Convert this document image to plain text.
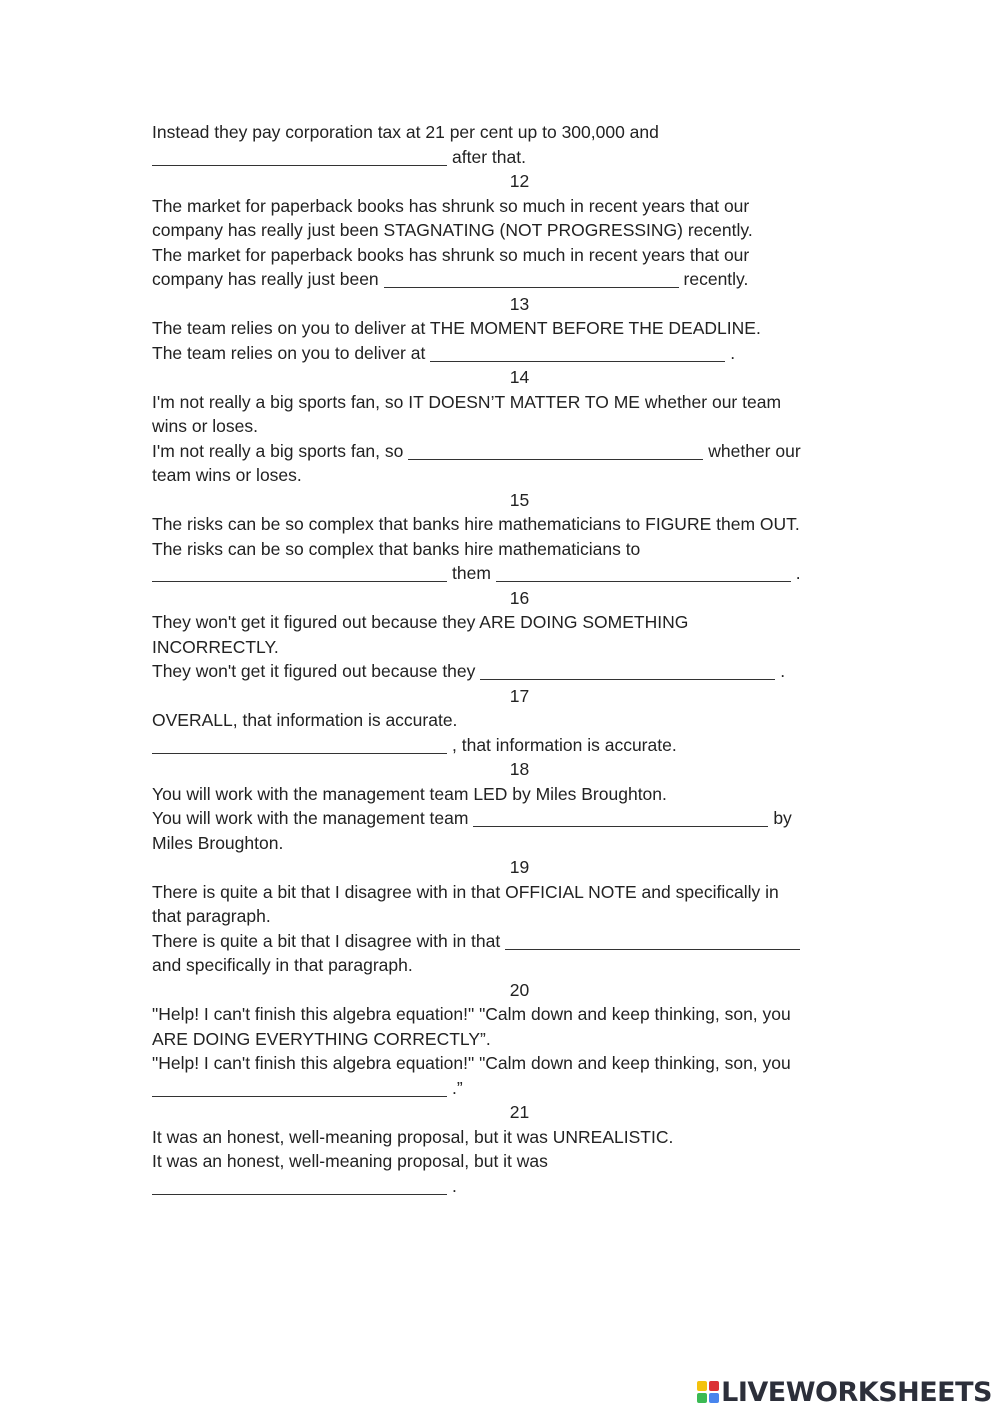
Instead they pay corporation tax at 21 per cent up to 300,000 and
after that.
12
The market for paperback books has shrunk so much in recent years that our
company has really just been STAGNATING (NOT PROGRESSING) recently.
The market for paperback books has shrunk so much in recent years that our
company has really just been	recently.
13
The team relies on you to deliver at THE MOMENT BEFORE THE DEADLINE.
The team relies on you to deliver at	.
14
I'm not really a big sports fan, so IT DOESN’T MATTER TO ME whether our team
wins or loses.
I'm not really a big sports fan, so	whether our
team wins or loses.
15
The risks can be so complex that banks hire mathematicians to FIGURE them OUT.
The risks can be so complex that banks hire mathematicians to
them	.
16
They won't get it figured out because they ARE DOING SOMETHING
INCORRECTLY.
They won't get it figured out because they	.
17
OVERALL, that information is accurate.
, that information is accurate.
18
You will work with the management team LED by Miles Broughton.
You will work with the management team	by
Miles Broughton.
19
There is quite a bit that I disagree with in that OFFICIAL NOTE and specifically in
that paragraph.
There is quite a bit that I disagree with in that
and specifically in that paragraph.
20
"Help! I can't finish this algebra equation!" "Calm down and keep thinking, son, you
ARE DOING EVERYTHING CORRECTLY”.
"Help! I can't finish this algebra equation!" "Calm down and keep thinking, son, you
.”
21
It was an honest, well-meaning proposal, but it was UNREALISTIC.
It was an honest, well-meaning proposal, but it was
.
LIVEWORKSHEETS
